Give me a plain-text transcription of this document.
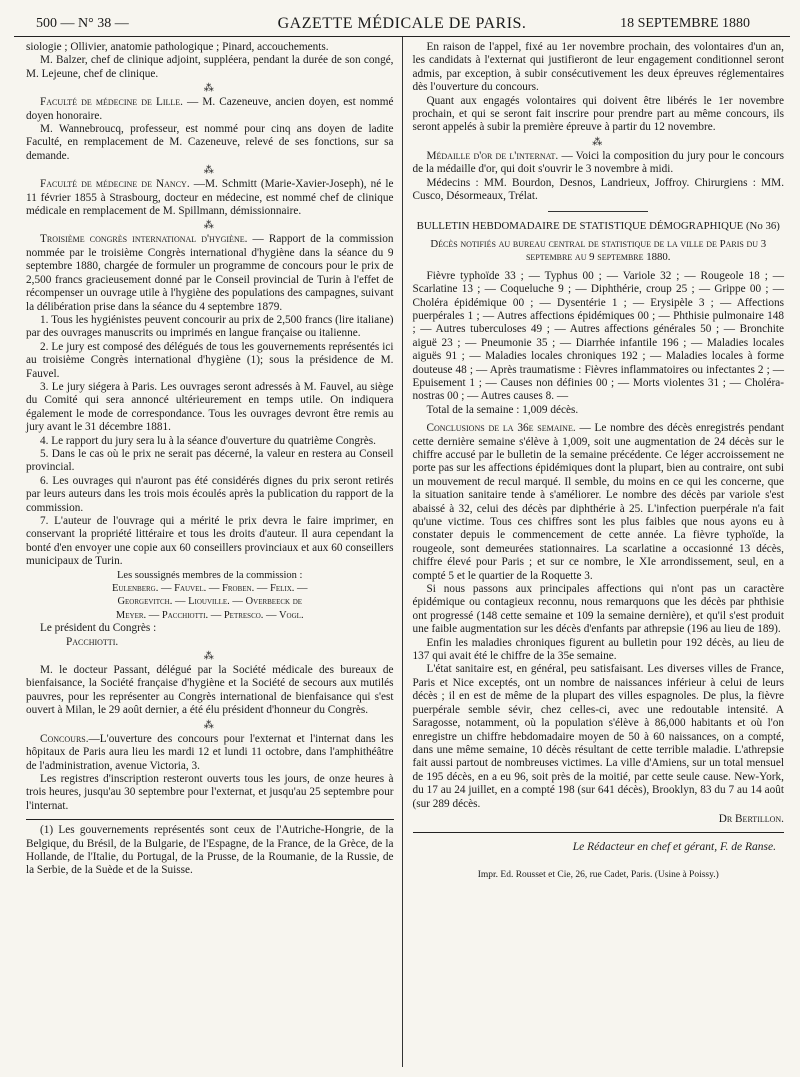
500 — N° 38 —	GAZETTE MÉDICALE DE PARIS.	18 SEPTEMBRE 1880

siologie ; Ollivier, anatomie pathologique ; Pinard, accouchements.

M. Balzer, chef de clinique adjoint, suppléera, pendant la durée de son congé, M. Lejeune, chef de clinique.

⁂

Faculté de médecine de Lille. — M. Cazeneuve, ancien doyen, est nommé doyen honoraire.

M. Wannebroucq, professeur, est nommé pour cinq ans doyen de ladite Faculté, en remplacement de M. Cazeneuve, relevé de ses fonctions, sur sa demande.

⁂

Faculté de médecine de Nancy. —M. Schmitt (Marie-Xavier-Joseph), né le 11 février 1855 à Strasbourg, docteur en médecine, est nommé chef de clinique médicale en remplacement de M. Spillmann, démissionnaire.

⁂

Troisième congrès international d'hygiène. — Rapport de la commission nommée par le troisième Congrès international d'hygiène dans la séance du 9 septembre 1880, chargée de formuler un programme de concours pour le prix de 2,500 francs gracieusement donné par le Conseil provincial de Turin à l'effet de récompenser un ouvrage utile à l'hygiène des populations des campagnes, suivant la délibération prise dans la séance du 4 septembre 1879.

1. Tous les hygiénistes peuvent concourir au prix de 2,500 francs (lire italiane) par des ouvrages manuscrits ou imprimés en langue française ou italienne.

2. Le jury est composé des délégués de tous les gouvernements représentés ici au troisième Congrès international d'hygiène (1); sous la présidence de M. Fauvel.

3. Le jury siégera à Paris. Les ouvrages seront adressés à M. Fauvel, au siège du Comité qui sera annoncé ultérieurement en temps utile. On indiquera également le mode de correspondance. Tous les ouvrages devront être remis au jury avant le 31 décembre 1881.

4. Le rapport du jury sera lu à la séance d'ouverture du quatrième Congrès.

5. Dans le cas où le prix ne serait pas décerné, la valeur en restera au Conseil provincial.

6. Les ouvrages qui n'auront pas été considérés dignes du prix seront retirés par leurs auteurs dans les trois mois écoulés après la publication du rapport de la commission.

7. L'auteur de l'ouvrage qui a mérité le prix devra le faire imprimer, en conservant la propriété littéraire et tous les droits d'auteur. Il aura cependant la bonté d'en envoyer une copie aux 60 conseillers provinciaux et aux 60 conseillers municipaux de Turin.

Les soussignés membres de la commission :

Eulenberg. — Fauvel. — Froben. — Felix. —

Georgevitch. — Liouville. — Overbeeck de

Meyer. — Pacchiotti. — Petresco. — Vogl.

Le président du Congrès :

Pacchiotti.

⁂

M. le docteur Passant, délégué par la Société médicale des bureaux de bienfaisance, la Société française d'hygiène et la Société de secours aux mutilés pauvres, pour les représenter au Congrès international de bienfaisance qui s'est ouvert à Milan, le 29 août dernier, a été élu président d'honneur du Congrès.

⁂

Concours.—L'ouverture des concours pour l'externat et l'internat dans les hôpitaux de Paris aura lieu les mardi 12 et lundi 11 octobre, dans l'amphithéâtre de l'administration, avenue Victoria, 3.

Les registres d'inscription resteront ouverts tous les jours, de onze heures à trois heures, jusqu'au 30 septembre pour l'externat, et jusqu'au 25 septembre pour l'internat.

(1) Les gouvernements représentés sont ceux de l'Autriche-Hongrie, de la Belgique, du Brésil, de la Bulgarie, de l'Espagne, de la France, de la Grèce, de la Hollande, de l'Italie, du Portugal, de la Prusse, de la Roumanie, de la Russie, de la Serbie, de la Suède et de la Suisse.

En raison de l'appel, fixé au 1er novembre prochain, des volontaires d'un an, les candidats à l'externat qui justifieront de leur engagement conditionnel seront admis, par exception, à subir consécutivement les deux épreuves réglementaires dès l'ouverture du concours.

Quant aux engagés volontaires qui doivent être libérés le 1er novembre prochain, et qui se seront fait inscrire pour prendre part au même concours, ils seront appelés à subir la première épreuve à partir du 12 novembre.

⁂

Médaille d'or de l'internat. — Voici la composition du jury pour le concours de la médaille d'or, qui doit s'ouvrir le 3 novembre à midi.

Médecins : MM. Bourdon, Desnos, Landrieux, Joffroy. Chirurgiens : MM. Cusco, Désormeaux, Trélat.

BULLETIN HEBDOMADAIRE DE STATISTIQUE DÉMOGRAPHIQUE (No 36)
Décès notifiés au bureau central de statistique de la ville de Paris du 3 septembre au 9 septembre 1880.

Fièvre typhoïde 33 ; — Typhus 00 ; — Variole 32 ; — Rougeole 18 ; — Scarlatine 13 ; — Coqueluche 9 ; — Diphthérie, croup 25 ; — Grippe 00 ; — Choléra épidémique 00 ; — Dysentérie 1 ; — Erysipèle 3 ; — Affections puerpérales 1 ; — Autres affections épidémiques 00 ; — Phthisie pulmonaire 148 ; — Autres tuberculoses 49 ; — Autres affections générales 50 ; — Bronchite aiguë 23 ; — Pneumonie 35 ; — Diarrhée infantile 196 ; — Maladies locales aiguës 91 ; — Maladies locales chroniques 192 ; — Maladies locales à forme douteuse 48 ; — Après traumatisme : Fièvres inflammatoires ou infectantes 2 ; — Epuisement 1 ; — Causes non définies 00 ; — Morts violentes 31 ; — Choléra-nostras 00 ; — Autres causes 8. —

Total de la semaine : 1,009 décès.

Conclusions de la 36e semaine. — Le nombre des décès enregistrés pendant cette dernière semaine s'élève à 1,009, soit une augmentation de 24 décès sur le chiffre accusé par le bulletin de la semaine précédente. Ce léger accroissement ne porte pas sur les affections épidémiques dont la plupart, bien au contraire, ont subi un mouvement de recul marqué. Il semble, du moins en ce qui les concerne, que la situation sanitaire tende à s'améliorer. Le nombre des décès par variole s'est abaissé à 32, celui des décès par diphthérie à 25. L'infection puerpérale n'a fait qu'une victime. Tous ces chiffres sont les plus faibles que nous ayons eu à constater depuis le commencement de cette année. La fièvre typhoïde, la rougeole, sont demeurées stationnaires. La scarlatine a occasionné 13 décès, chiffre élevé pour Paris ; et sur ce nombre, le XIe arrondissement, seul, en a compté 5 et le quartier de la Roquette 3.

Si nous passons aux principales affections qui n'ont pas un caractère épidémique ou contagieux reconnu, nous remarquons que les décès par phthisie ont progressé (148 cette semaine et 109 la semaine dernière), et qu'il s'est produit une faible augmentation sur les décès d'enfants par athrepsie (196 au lieu de 189).

Enfin les maladies chroniques figurent au bulletin pour 192 décès, au lieu de 137 qui avait été le chiffre de la 35e semaine.

L'état sanitaire est, en général, peu satisfaisant. Les diverses villes de France, Paris et Nice exceptés, ont un nombre de naissances inférieur à celui de leurs décès ; il en est de même de la plupart des villes espagnoles. De plus, la fièvre puerpérale semble sévir, chez celles-ci, avec une redoutable intensité. A Saragosse, notamment, où la population s'élève à 86,000 habitants et où l'on enregistre un chiffre hebdomadaire moyen de 50 à 60 naissances, on a compté, dans une même semaine, 10 décès résultant de cette terrible maladie. L'athrepsie fait aussi partout de nombreuses victimes. La ville d'Amiens, sur un total mensuel de 195 décès, en a eu 96, soit près de la moitié, par cette seule cause. New-York, du 17 au 24 juillet, en a compté 198 (sur 641 décès), Brooklyn, 83 du 7 au 14 août (sur 289 décès.

Dr Bertillon.
Le Rédacteur en chef et gérant, F. de Ranse.
Impr. Ed. Rousset et Cie, 26, rue Cadet, Paris. (Usine à Poissy.)
